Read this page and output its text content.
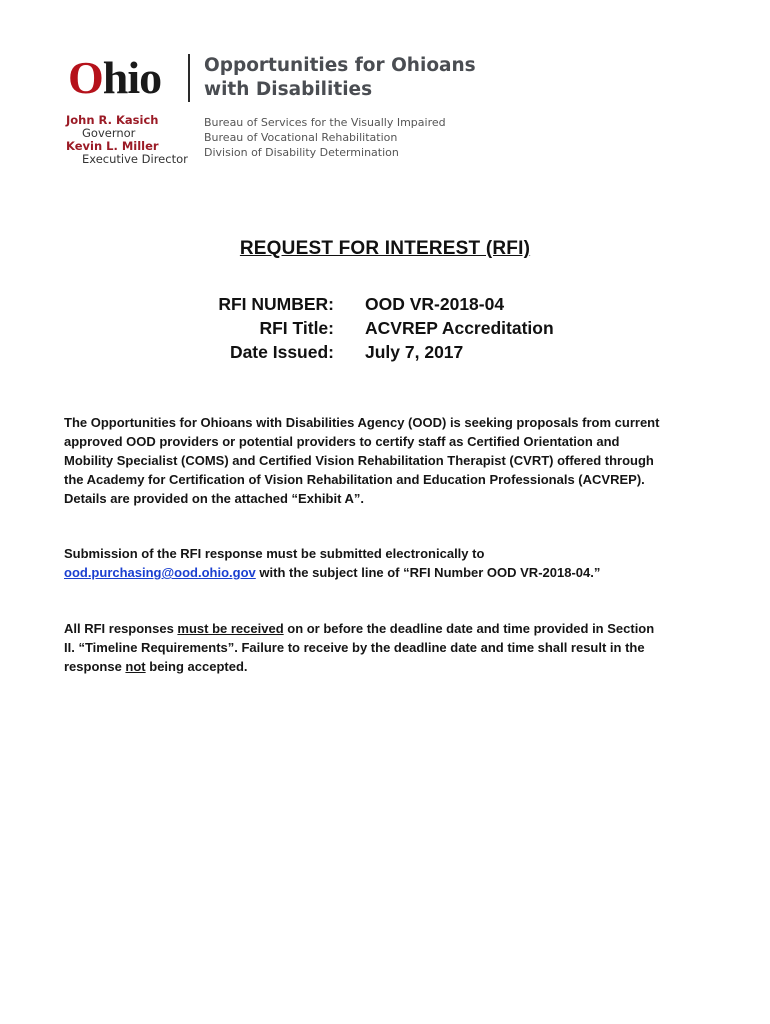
Ohio Opportunities for Ohioans
with Disabilities
John R. Kasich
Governor
Kevin L. Miller
Executive Director
Bureau of Services for the Visually Impaired
Bureau of Vocational Rehabilitation
Division of Disability Determination
REQUEST FOR INTEREST (RFI)
RFI NUMBER: OOD VR-2018-04
RFI Title: ACVREP Accreditation
Date Issued: July 7, 2017
The Opportunities for Ohioans with Disabilities Agency (OOD) is seeking proposals from current
approved OOD providers or potential providers to certify staff as Certified Orientation and
Mobility Specialist (COMS) and Certified Vision Rehabilitation Therapist (CVRT) offered through
the Academy for Certification of Vision Rehabilitation and Education Professionals (ACVREP).
Details are provided on the attached “Exhibit A”.
Submission of the RFI response must be submitted electronically to
ood.purchasing@ood.ohio.gov with the subject line of “RFI Number OOD VR-2018-04.”
All RFI responses must be received on or before the deadline date and time provided in Section
II. “Timeline Requirements”. Failure to receive by the deadline date and time shall result in the
response not being accepted.
